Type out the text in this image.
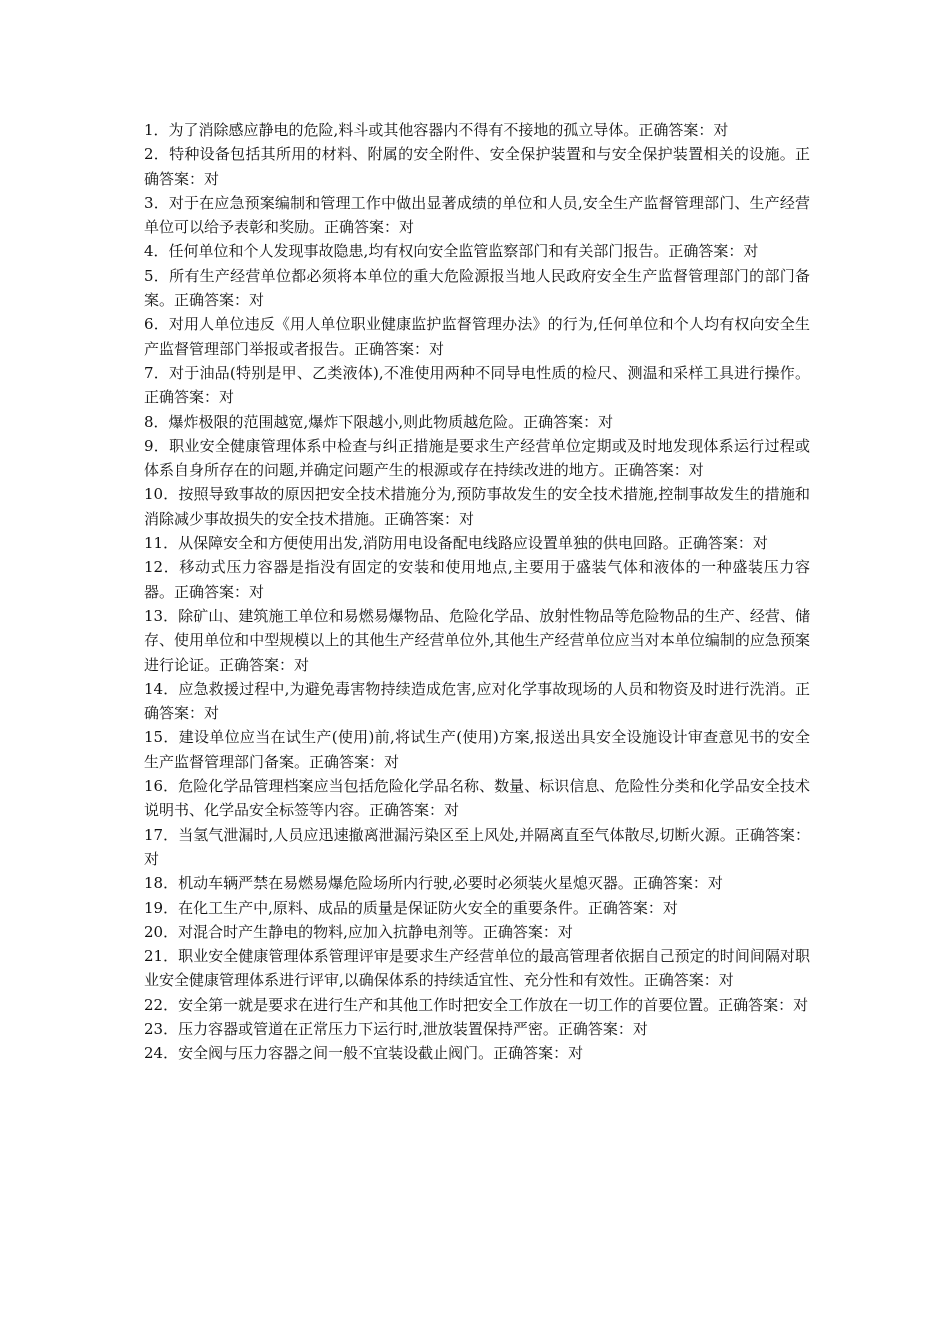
1．为了消除感应静电的危险,料斗或其他容器内不得有不接地的孤立导体。正确答案：对

2．特种设备包括其所用的材料、附属的安全附件、安全保护装置和与安全保护装置相关的设施。正确答案：对

3．对于在应急预案编制和管理工作中做出显著成绩的单位和人员,安全生产监督管理部门、生产经营单位可以给予表彰和奖励。正确答案：对

4．任何单位和个人发现事故隐患,均有权向安全监管监察部门和有关部门报告。正确答案：对

5．所有生产经营单位都必须将本单位的重大危险源报当地人民政府安全生产监督管理部门的部门备案。正确答案：对

6．对用人单位违反《用人单位职业健康监护监督管理办法》的行为,任何单位和个人均有权向安全生产监督管理部门举报或者报告。正确答案：对

7．对于油品(特别是甲、乙类液体),不准使用两种不同导电性质的检尺、测温和采样工具进行操作。正确答案：对

8．爆炸极限的范围越宽,爆炸下限越小,则此物质越危险。正确答案：对

9．职业安全健康管理体系中检查与纠正措施是要求生产经营单位定期或及时地发现体系运行过程或体系自身所存在的问题,并确定问题产生的根源或存在持续改进的地方。正确答案：对

10．按照导致事故的原因把安全技术措施分为,预防事故发生的安全技术措施,控制事故发生的措施和消除减少事故损失的安全技术措施。正确答案：对

11．从保障安全和方便使用出发,消防用电设备配电线路应设置单独的供电回路。正确答案：对

12．移动式压力容器是指没有固定的安装和使用地点,主要用于盛装气体和液体的一种盛装压力容器。正确答案：对

13．除矿山、建筑施工单位和易燃易爆物品、危险化学品、放射性物品等危险物品的生产、经营、储存、使用单位和中型规模以上的其他生产经营单位外,其他生产经营单位应当对本单位编制的应急预案进行论证。正确答案：对

14．应急救援过程中,为避免毒害物持续造成危害,应对化学事故现场的人员和物资及时进行洗消。正确答案：对

15．建设单位应当在试生产(使用)前,将试生产(使用)方案,报送出具安全设施设计审查意见书的安全生产监督管理部门备案。正确答案：对

16．危险化学品管理档案应当包括危险化学品名称、数量、标识信息、危险性分类和化学品安全技术说明书、化学品安全标签等内容。正确答案：对

17．当氢气泄漏时,人员应迅速撤离泄漏污染区至上风处,并隔离直至气体散尽,切断火源。正确答案：对

18．机动车辆严禁在易燃易爆危险场所内行驶,必要时必须装火星熄灭器。正确答案：对

19．在化工生产中,原料、成品的质量是保证防火安全的重要条件。正确答案：对

20．对混合时产生静电的物料,应加入抗静电剂等。正确答案：对

21．职业安全健康管理体系管理评审是要求生产经营单位的最高管理者依据自己预定的时间间隔对职业安全健康管理体系进行评审,以确保体系的持续适宜性、充分性和有效性。正确答案：对

22．安全第一就是要求在进行生产和其他工作时把安全工作放在一切工作的首要位置。正确答案：对

23．压力容器或管道在正常压力下运行时,泄放装置保持严密。正确答案：对

24．安全阀与压力容器之间一般不宜装设截止阀门。正确答案：对
